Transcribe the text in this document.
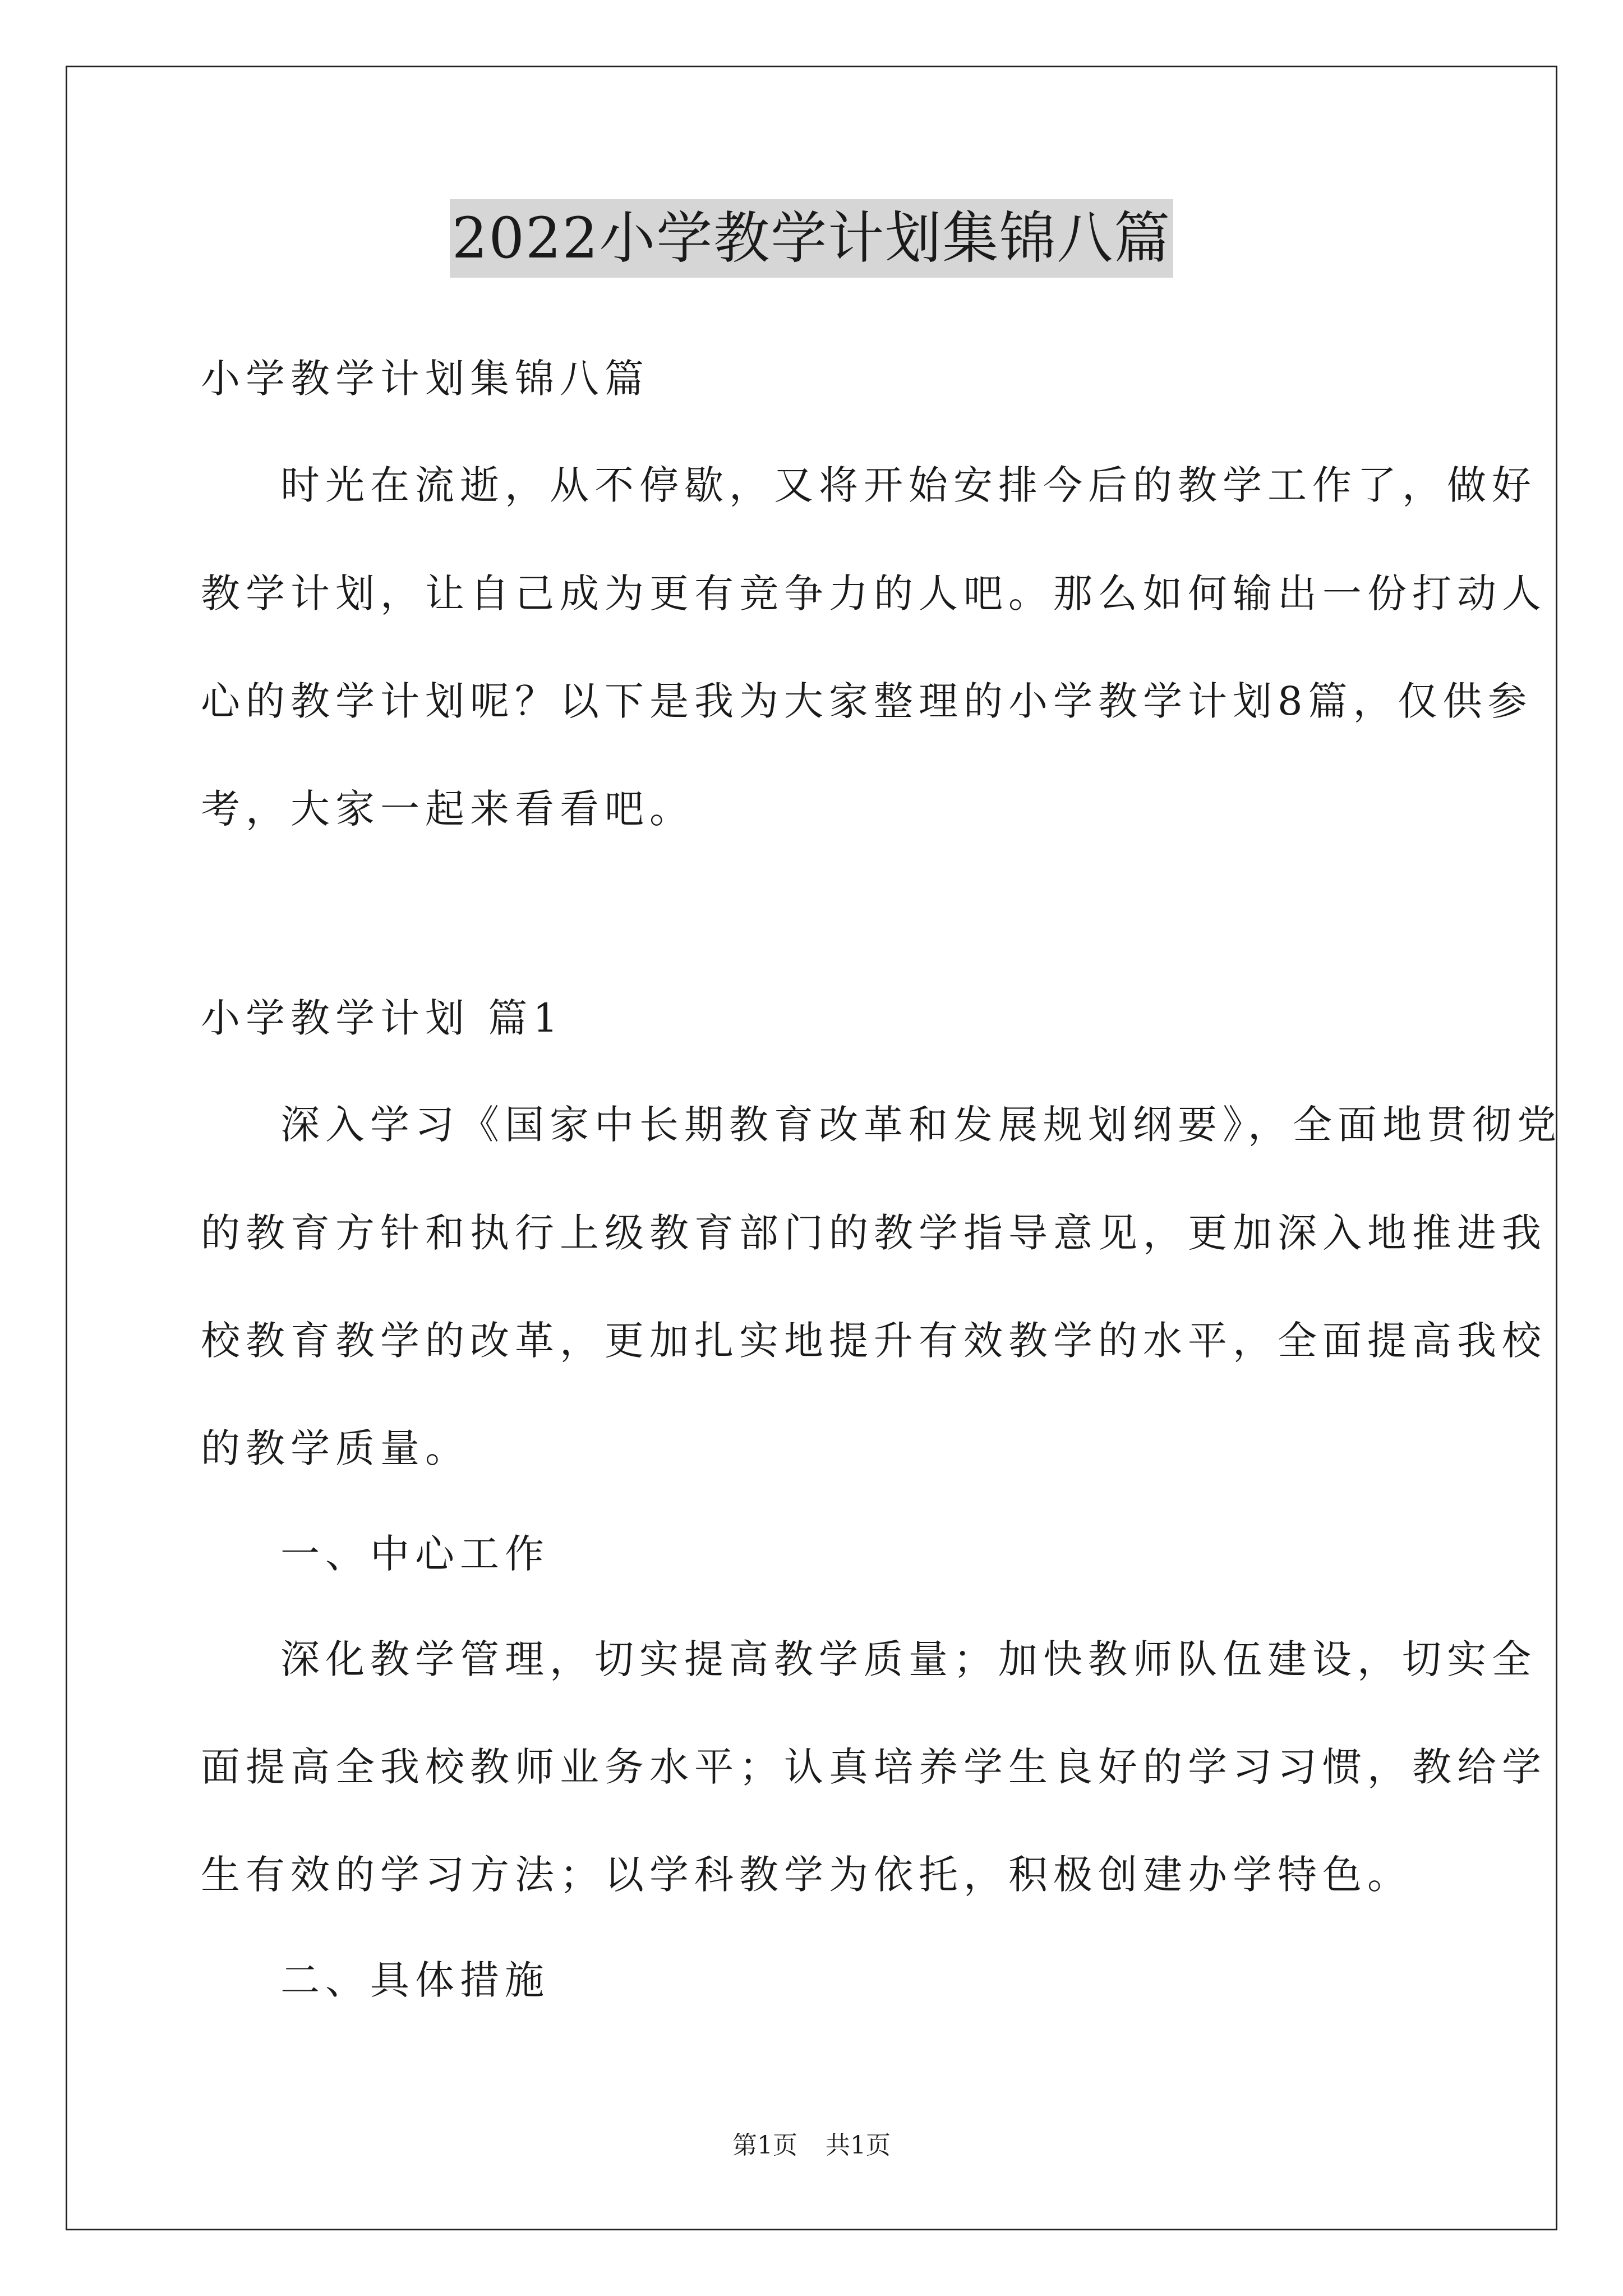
2022小学教学计划集锦八篇
小学教学计划集锦八篇
时光在流逝，从不停歇，又将开始安排今后的教学工作了，做好
教学计划，让自己成为更有竞争力的人吧。那么如何输出一份打动人
心的教学计划呢？以下是我为大家整理的小学教学计划8篇，仅供参
考，大家一起来看看吧。
小学教学计划 篇1
深入学习《国家中长期教育改革和发展规划纲要》，全面地贯彻党
的教育方针和执行上级教育部门的教学指导意见，更加深入地推进我
校教育教学的改革，更加扎实地提升有效教学的水平，全面提高我校
的教学质量。
一、中心工作
深化教学管理，切实提高教学质量；加快教师队伍建设，切实全
面提高全我校教师业务水平；认真培养学生良好的学习习惯，教给学
生有效的学习方法；以学科教学为依托，积极创建办学特色。
二、具体措施
第1页 共1页
